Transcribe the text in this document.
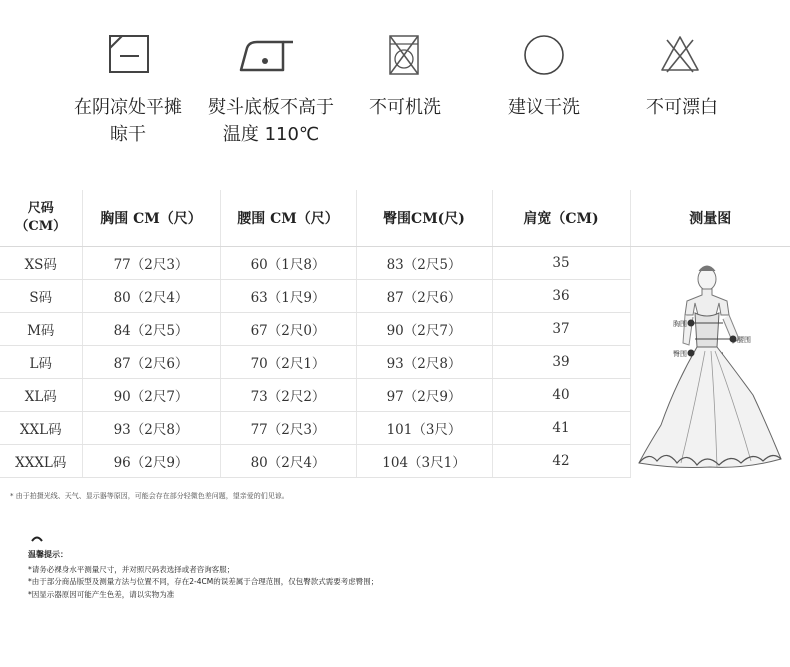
在阴凉处平摊
晾干
熨斗底板不高于
温度 110℃
不可机洗	建议干洗	不可漂白
尺码
（CM）	胸围 CM（尺）	腰围 CM（尺）	臀围CM(尺)	肩宽（CM)	测量图
XS码	77（2尺3）	60（1尺8）	83（2尺5）	35	胸围
腰围
臀围

S码	80（2尺4）	63（1尺9）	87（2尺6）	36	
M码	84（2尺5）	67（2尺0）	90（2尺7）	37	
L码	87（2尺6）	70（2尺1）	93（2尺8）	39	
XL码	90（2尺7）	73（2尺2）	97（2尺9）	40	
XXL码	93（2尺8）	77（2尺3）	101（3尺）	41	
XXXL码	96（2尺9）	80（2尺4）	104（3尺1）	42	
* 由于拍摄光线、天气、显示器等原因，可能会存在部分轻微色差问题，望亲爱的们见谅。
温馨提示：
*请务必裸身水平测量尺寸，并对照尺码表选择或者咨询客服；
*由于部分商品版型及测量方法与位置不同，存在2-4CM的误差属于合理范围，仅包臀款式需要考虑臀围；
*因显示器原因可能产生色差，请以实物为准
